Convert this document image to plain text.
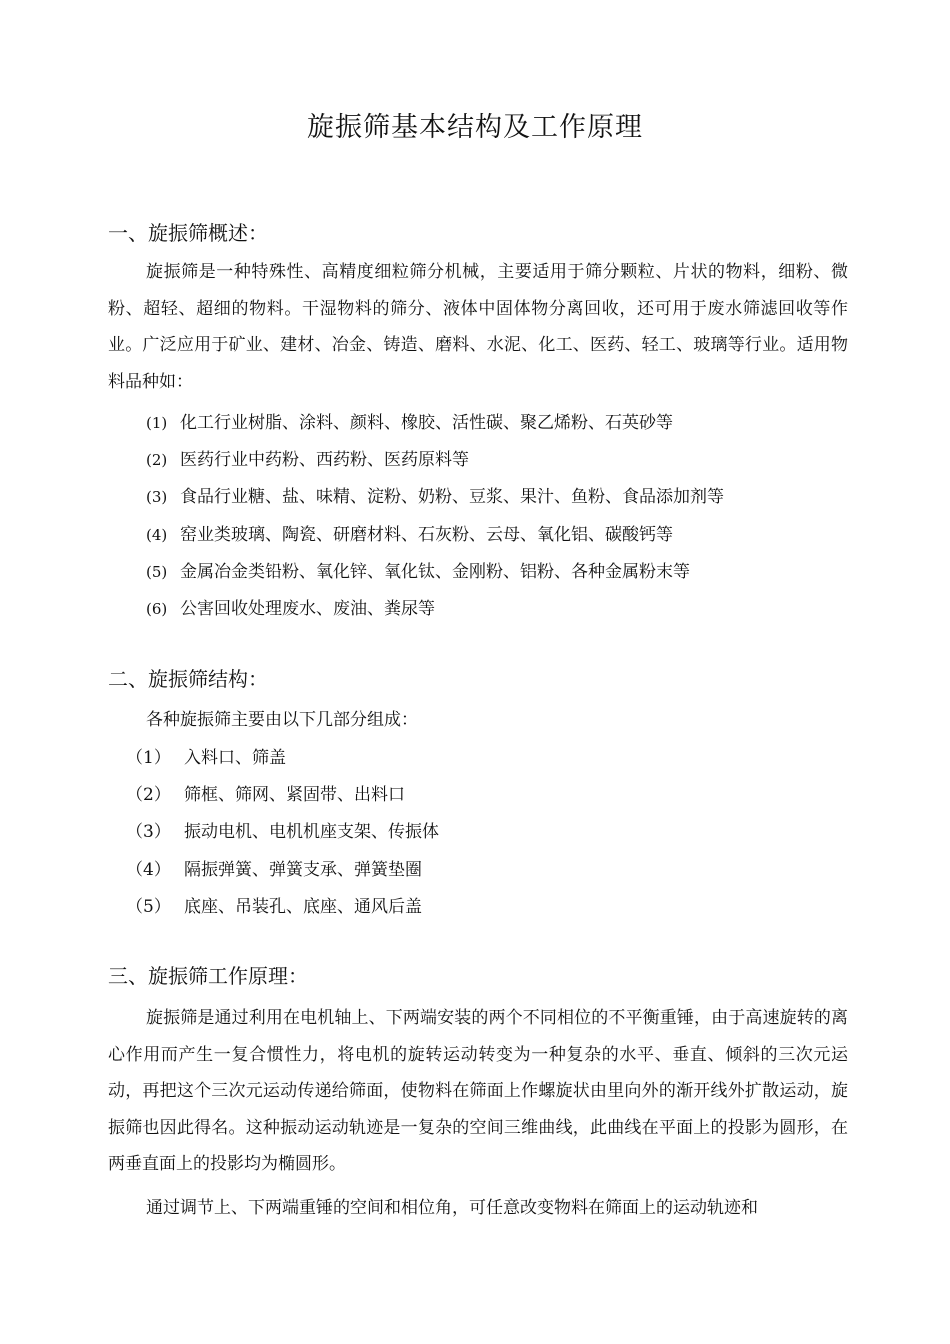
旋振筛基本结构及工作原理
一、旋振筛概述：
旋振筛是一种特殊性、高精度细粒筛分机械，主要适用于筛分颗粒、片状的物料，细粉、微粉、超轻、超细的物料。干湿物料的筛分、液体中固体物分离回收，还可用于废水筛滤回收等作业。广泛应用于矿业、建材、冶金、铸造、磨料、水泥、化工、医药、轻工、玻璃等行业。适用物料品种如：
(1) 化工行业树脂、涂料、颜料、橡胶、活性碳、聚乙烯粉、石英砂等
(2) 医药行业中药粉、西药粉、医药原料等
(3) 食品行业糖、盐、味精、淀粉、奶粉、豆浆、果汁、鱼粉、食品添加剂等
(4) 窑业类玻璃、陶瓷、研磨材料、石灰粉、云母、氧化铝、碳酸钙等
(5) 金属冶金类铅粉、氧化锌、氧化钛、金刚粉、铝粉、各种金属粉末等
(6) 公害回收处理废水、废油、粪尿等
二、旋振筛结构：
各种旋振筛主要由以下几部分组成：
（1） 入料口、筛盖
（2） 筛框、筛网、紧固带、出料口
（3） 振动电机、电机机座支架、传振体
（4） 隔振弹簧、弹簧支承、弹簧垫圈
（5） 底座、吊装孔、底座、通风后盖
三、旋振筛工作原理：
旋振筛是通过利用在电机轴上、下两端安装的两个不同相位的不平衡重锤，由于高速旋转的离心作用而产生一复合惯性力，将电机的旋转运动转变为一种复杂的水平、垂直、倾斜的三次元运动，再把这个三次元运动传递给筛面，使物料在筛面上作螺旋状由里向外的渐开线外扩散运动，旋振筛也因此得名。这种振动运动轨迹是一复杂的空间三维曲线，此曲线在平面上的投影为圆形，在两垂直面上的投影均为椭圆形。
通过调节上、下两端重锤的空间和相位角，可任意改变物料在筛面上的运动轨迹和
